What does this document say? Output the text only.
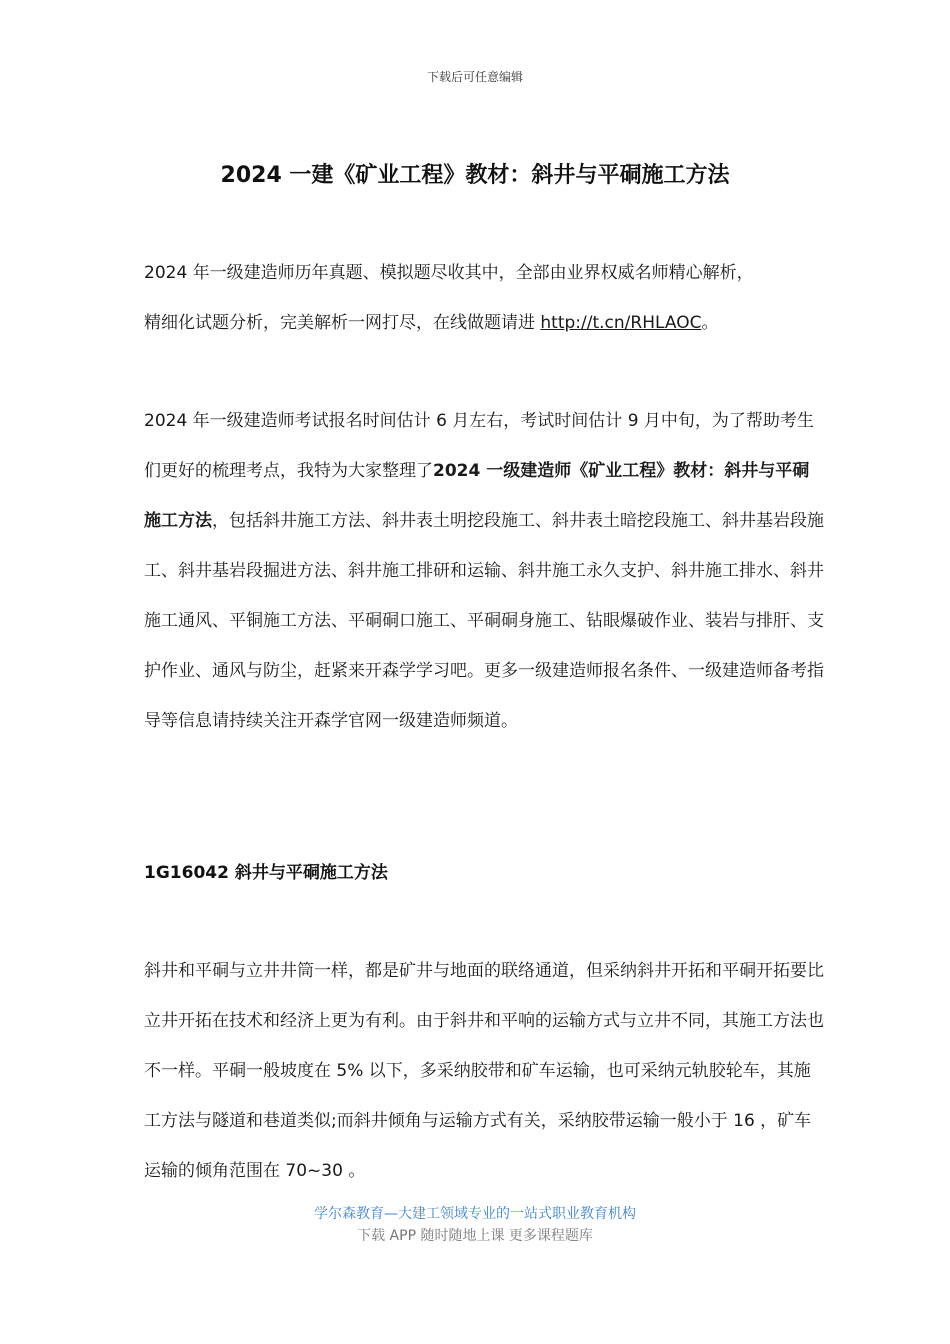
下载后可任意编辑
2024 一建《矿业工程》教材：斜井与平硐施工方法

2024 年一级建造师历年真题、模拟题尽收其中，全部由业界权威名师精心解析，
精细化试题分析，完美解析一网打尽，在线做题请进 http://t.cn/RHLAOC。

2024 年一级建造师考试报名时间估计 6 月左右，考试时间估计 9 月中旬，为了帮助考生们更好的梳理考点，我特为大家整理了2024 一级建造师《矿业工程》教材：斜井与平硐施工方法，包括斜井施工方法、斜井表土明挖段施工、斜井表土暗挖段施工、斜井基岩段施工、斜井基岩段掘进方法、斜井施工排研和运输、斜井施工永久支护、斜井施工排水、斜井施工通风、平铜施工方法、平硐硐口施工、平硐硐身施工、钻眼爆破作业、装岩与排肝、支护作业、通风与防尘，赶紧来开森学学习吧。更多一级建造师报名条件、一级建造师备考指导等信息请持续关注开森学官网一级建造师频道。

1G16042 斜井与平硐施工方法

斜井和平硐与立井井筒一样，都是矿井与地面的联络通道，但采纳斜井开拓和平硐开拓要比立井开拓在技术和经济上更为有利。由于斜井和平响的运输方式与立井不同，其施工方法也不一样。平硐一般坡度在 5% 以下，多采纳胶带和矿车运输，也可采纳元轨胶轮车，其施工方法与隧道和巷道类似;而斜井倾角与运输方式有关，采纳胶带运输一般小于 16 ，矿车运输的倾角范围在 70~30 。

学尔森教育—大建工领域专业的一站式职业教育机构
下载 APP 随时随地上课 更多课程题库
